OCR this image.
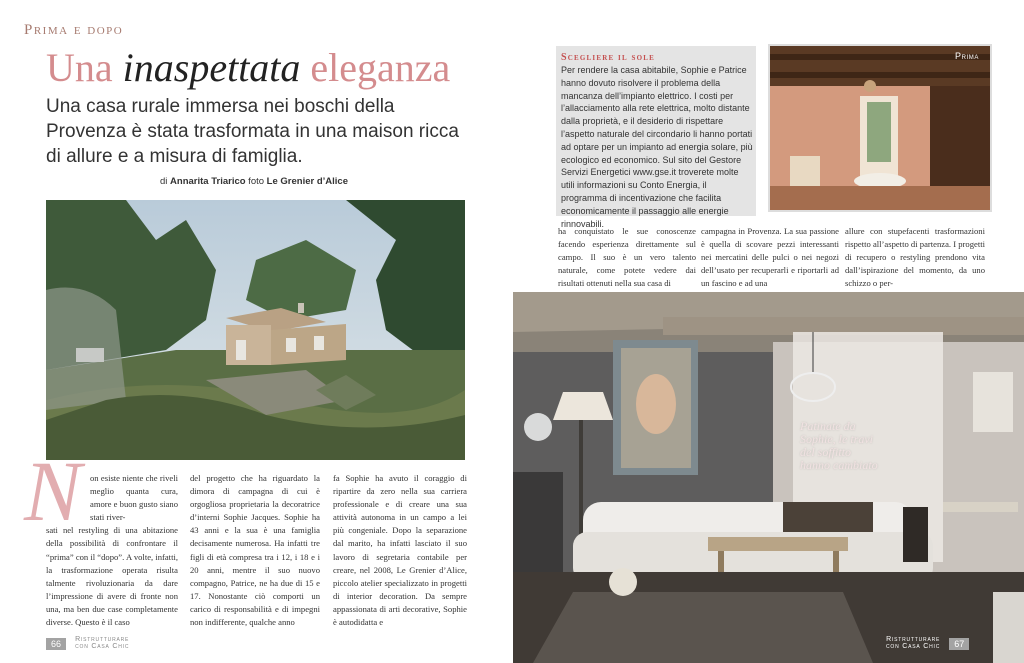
Prima e dopo
Una inaspettata eleganza
Una casa rurale immersa nei boschi della Provenza è stata trasformata in una maison ricca di allure e a misura di famiglia.
di Annarita Triarico foto Le Grenier d’Alice
N	on esiste niente che riveli meglio quanta cura, amore e buon gusto siano stati river-

sati nel restyling di una abitazione della possibilità di confrontare il “prima” con il “dopo”. A volte, infatti, la trasformazione operata risulta talmente rivoluzionaria da dare l’impressione di avere di fronte non una, ma ben due case completamente diverse. Questo è il caso

del progetto che ha riguardato la dimora di campagna di cui è orgogliosa proprietaria la decoratrice d’interni Sophie Jacques. Sophie ha 43 anni e la sua è una famiglia decisamente numerosa. Ha infatti tre figli di età compresa tra i 12, i 18 e i 20 anni, mentre il suo nuovo compagno, Patrice, ne ha due di 15 e 17. Nonostante ciò comporti un carico di responsabilità e di impegni non indifferente, qualche anno

fa Sophie ha avuto il coraggio di ripartire da zero nella sua carriera professionale e di creare una sua attività autonoma in un campo a lei più congeniale. Dopo la separazione dal marito, ha infatti lasciato il suo lavoro di segretaria contabile per creare, nel 2008, Le Grenier d’Alice, piccolo atelier specializzato in progetti di interior decoration. Da sempre appassionata di arti decorative, Sophie è autodidatta e

66 Ristrutturare
con Casa Chic
Scegliere il sole
Per rendere la casa abitabile, Sophie e Patrice hanno dovuto risolvere il problema della mancanza dell’impianto elettrico. I costi per l’allacciamento alla rete elettrica, molto distante dalla proprietà, e il desiderio di rispettare l’aspetto naturale del circondario li hanno portati ad optare per un impianto ad energia solare, più ecologico ed economico. Sul sito del Gestore Servizi Energetici www.gse.it troverete molte utili informazioni su Conto Energia, il programma di incentivazione che facilita economicamente il passaggio alle energie rinnovabili.
Prima

ha conquistato le sue conoscenze facendo esperienza direttamente sul campo. Il suo è un vero talento naturale, come potete vedere dai risultati ottenuti nella sua casa di

campagna in Provenza. La sua passione è quella di scovare pezzi interessanti nei mercatini delle pulci o nei negozi dell’usato per recuperarli e riportarli ad un fascino e ad una

allure con stupefacenti trasformazioni rispetto all’aspetto di partenza. I progetti di recupero o restyling prendono vita dall’ispirazione del momento, da uno schizzo o per-

Patinate da Sophie, le travi del soffitto hanno cambiato
Ristrutturare
con Casa Chic 67
